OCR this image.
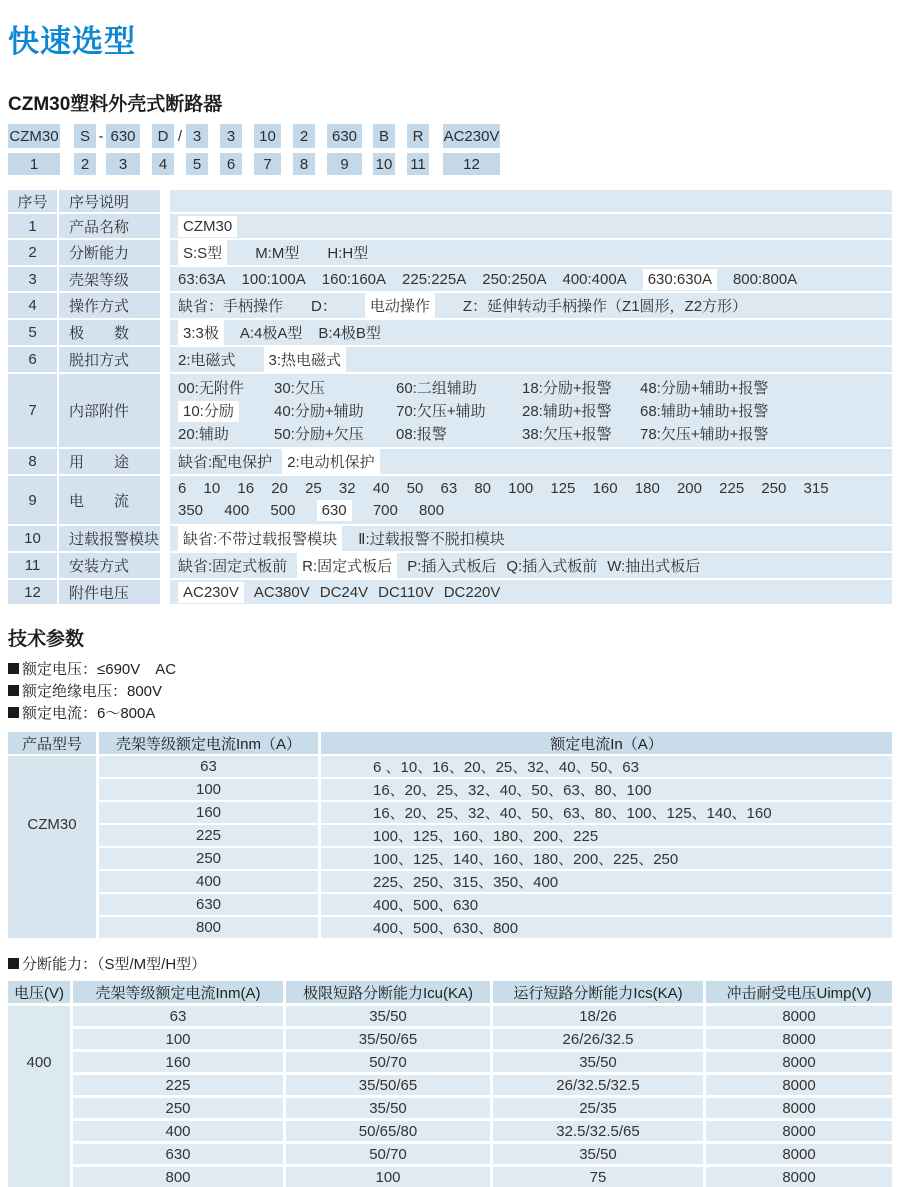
快速选型
CZM30塑料外壳式断路器
CZM30	S - 630	D / 3	3	10	2	630	B	R	AC230V
1	2	3	4	5	6	7	8	9	10 11	12
序号	序号说明
1	产品名称	CZM30
2	分断能力	S:S型	M:M型 H:H型
3	壳架等级	63:63A 100:100A 160:160A 225:225A 250:250A 400:400A	630:630A	800:800A
4	操作方式	缺省：手柄操作 D：	电动操作	Z：延伸转动手柄操作（Z1圆形，Z2方形）
5	极　　数	3:3极	A:4极A型 B:4极B型
6	脱扣方式	2:电磁式	3:热电磁式
7	内部附件
00:无附件	30:欠压	60:二组辅助	18:分励+报警	48:分励+辅助+报警
10:分励	40:分励+辅助	70:欠压+辅助	28:辅助+报警	68:辅助+辅助+报警
20:辅助	50:分励+欠压	08:报警	38:欠压+报警	78:欠压+辅助+报警
8	用　　途	缺省:配电保护	2:电动机保护
9	电　　流
6 10 16 20 25 32 40 50 63 80 100 125 160 180 200 225 250 315
350 400 500 630 700 800
10	过载报警模块	缺省:不带过载报警模块	Ⅱ:过载报警不脱扣模块
11	安装方式	缺省:固定式板前	R:固定式板后	P:插入式板后 Q:插入式板前 W:抽出式板后
12	附件电压	AC230V	AC380V DC24V DC110V DC220V
技术参数
额定电压：≤690V　AC
额定绝缘电压：800V
额定电流：6～800A
产品型号	壳架等级额定电流Inm（A）	额定电流In（A）
CZM30
63	6 、10、16、20、25、32、40、50、63
100	16、20、25、32、40、50、63、80、100
160	16、20、25、32、40、50、63、80、100、125、140、160
225	100、125、160、180、200、225
250	100、125、140、160、180、200、225、250
400	225、250、315、350、400
630	400、500、630
800	400、500、630、800
分断能力：（S型/M型/H型）
电压(V)	壳架等级额定电流Inm(A)	极限短路分断能力Icu(KA)	运行短路分断能力Ics(KA)	冲击耐受电压Uimp(V)
400
63	35/50	18/26	8000
100	35/50/65	26/26/32.5	8000
160	50/70	35/50	8000
225	35/50/65	26/32.5/32.5	8000
250	35/50	25/35	8000
400	50/65/80	32.5/32.5/65	8000
630	50/70	35/50	8000
800	100	75	8000
